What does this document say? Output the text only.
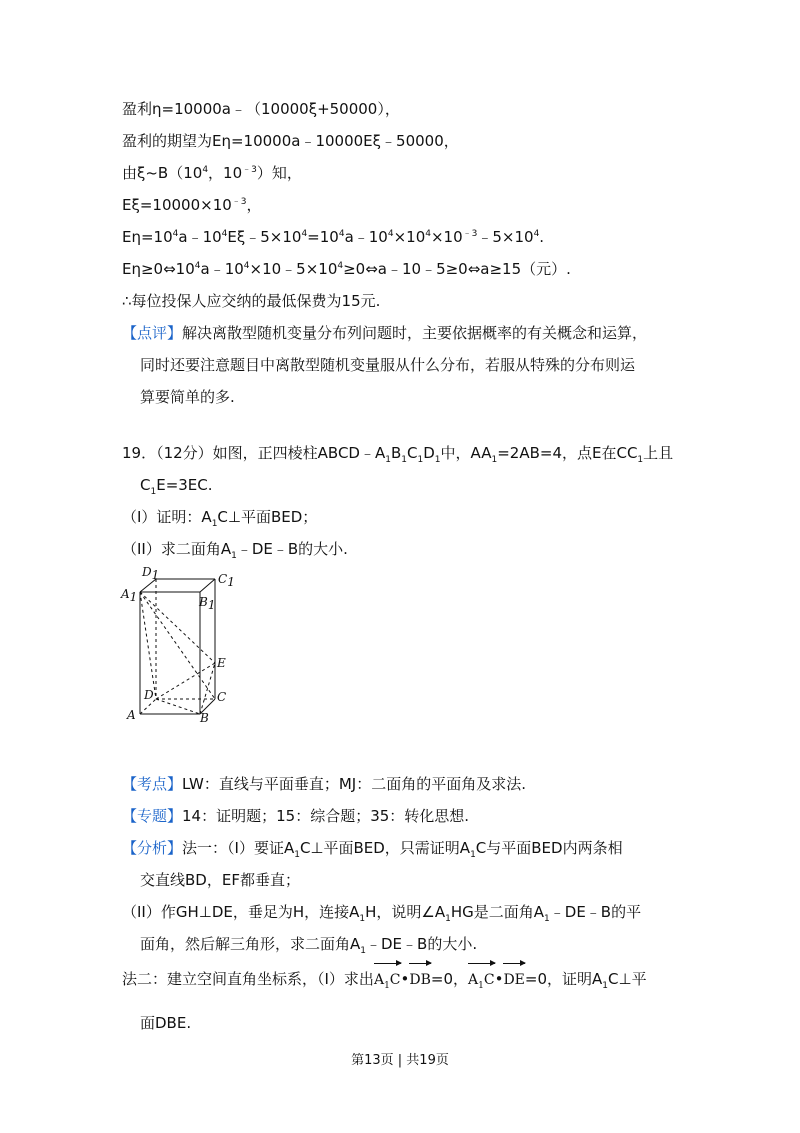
盈利η=10000a﹣（10000ξ+50000），
盈利的期望为Eη=10000a﹣10000Eξ﹣50000，
由$\xi\sim B(10^4$，$10^{﹣3}$）知，
$E\xi=10000\times 10^{﹣3}$，
$E\eta=10^4a﹣10^4E\xi﹣5\times 10^4=10^4a﹣10^4\times 10^4\times 10^{﹣3}﹣5\times 10^4$.
$E\eta\ge 0\Leftrightarrow 10^4a﹣10^4\times 10﹣5\times 10^4\ge 0\Leftrightarrow a﹣10﹣5\ge 0\Leftrightarrow a\ge 15$（元）.
∴每位投保人应交纳的最低保费为15元.
【点评】解决离散型随机变量分布列问题时，主要依据概率的有关概念和运算，
同时还要注意题目中离散型随机变量服从什么分布，若服从特殊的分布则运
算要简单的多.
19．（12分）如图，正四棱柱$ABCD﹣A_1B_1C_1D_1$中，$AA_1=2AB=4$，点E在$CC_1$上且
$C_1E=3EC$.
（I）证明：$A_1C\perp$平面BED；
（II）求二面角$A_1﹣DE﹣B$的大小.
D1	C1
A1	B1
E
D	C
A	B
【考点】LW：直线与平面垂直；MJ：二面角的平面角及求法.
【专题】14：证明题；15：综合题；35：转化思想.
【分析】法一：（I）要证$A_1C\perp$平面BED，只需证明$A_1C$与平面BED内两条相
交直线BD，EF都垂直；
（II）作GH⊥DE，垂足为H，连接$A_1H$，说明$\angle A_1HG$是二面角$A_1﹣DE﹣B$的平
面角，然后解三角形，求二面角$A_1﹣DE﹣B$的大小.
法二：建立空间直角坐标系，（I）求出
$A_1C•$
DB=0，
$A_1C•$
DE=0，证明$A_1C\perp$平
面DBE.
第13页 | 共19页
